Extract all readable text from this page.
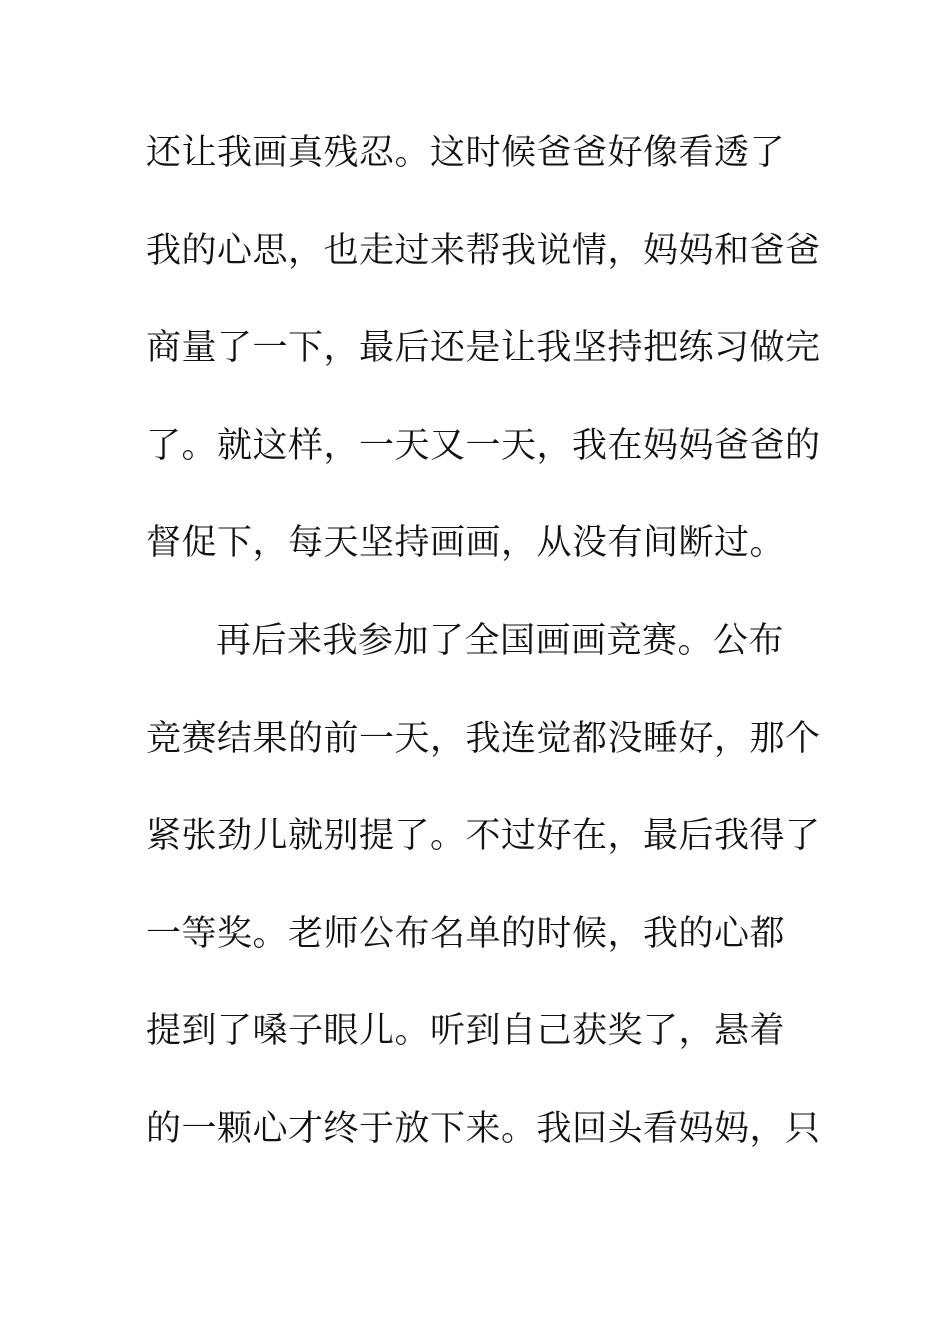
还让我画真残忍。这时候爸爸好像看透了
我的心思，也走过来帮我说情，妈妈和爸爸
商量了一下，最后还是让我坚持把练习做完
了。就这样，一天又一天，我在妈妈爸爸的
督促下，每天坚持画画，从没有间断过。
再后来我参加了全国画画竞赛。公布
竞赛结果的前一天，我连觉都没睡好，那个
紧张劲儿就别提了。不过好在，最后我得了
一等奖。老师公布名单的时候，我的心都
提到了嗓子眼儿。听到自己获奖了，悬着
的一颗心才终于放下来。我回头看妈妈，只
